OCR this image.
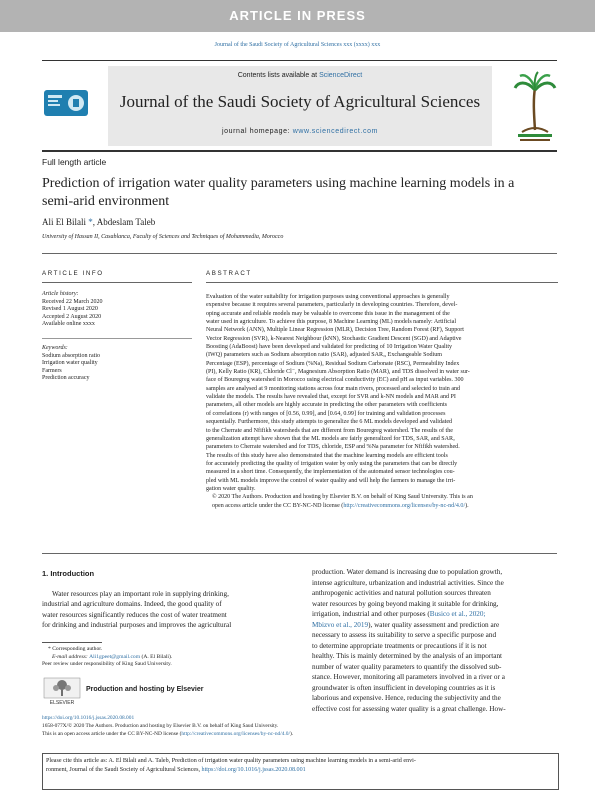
ARTICLE IN PRESS
Journal of the Saudi Society of Agricultural Sciences xxx (xxxx) xxx
Contents lists available at ScienceDirect
Journal of the Saudi Society of Agricultural Sciences
journal homepage: www.sciencedirect.com
Full length article
Prediction of irrigation water quality parameters using machine learning models in a semi-arid environment
Ali El Bilali *, Abdeslam Taleb
University of Hassan II, Casablanca, Faculty of Sciences and Techniques of Mohammedia, Morocco
ARTICLE INFO	ABSTRACT
Article history:
Received 22 March 2020
Revised 1 August 2020
Accepted 2 August 2020
Available online xxxx
Keywords:
Sodium absorption ratio
Irrigation water quality
Farmers
Prediction accuracy
Evaluation of the water suitability for irrigation purposes using conventional approaches is generally
expensive because it requires several parameters, particularly in developing countries. Therefore, devel-
oping accurate and reliable models may be valuable to overcome this issue in the management of the
water used in agriculture. To achieve this purpose, 8 Machine Learning (ML) models namely: Artificial
Neural Network (ANN), Multiple Linear Regression (MLR), Decision Tree, Random Forest (RF), Support
Vector Regression (SVR), k-Nearest Neighbour (kNN), Stochastic Gradient Descent (SGD) and Adaptive
Boosting (AdaBoost) have been developed and validated for predicting of 10 Irrigation Water Quality
(IWQ) parameters such as Sodium absorption ratio (SAR), adjusted SARₐ, Exchangeable Sodium
Percentage (ESP), percentage of Sodium (%Na), Residual Sodium Carbonate (RSC), Permeability Index
(PI), Kelly Ratio (KR), Chloride Cl⁻, Magnesium Absorption Ratio (MAR), and TDS dissolved in water sur-
face of Bouregreg watershed in Morocco using electrical conductivity (EC) and pH as input variables. 300
samples are analysed at 9 monitoring stations across four main rivers, processed and selected to train and
validate the models. The results have revealed that, except for SVR and k-NN models and MAR and PI
parameters, all other models are highly accurate in predicting the other parameters with coefficients
of correlations (r) with ranges of [0.56, 0.99], and [0.64, 0.99] for training and validation processes
sequentially. Furthermore, this study attempts to generalize the 6 ML models developed and validated
to the Cherrate and Nfifikh watersheds that are different from Bouregreg watershed. The results of the
generalization attempt have shown that the ML models are fairly generalized for TDS, SAR, and SARₐ
parameters to Cherrate watershed and for TDS, chloride, ESP and %Na parameter for Nfifikh watershed.
The results of this study have also demonstrated that the machine learning models are efficient tools
for accurately predicting the quality of irrigation water by only using the parameters that can be directly
measured in a short time. Consequently, the implementation of the automated sensor technologies cou-
pled with ML models improve the control of water quality and will help the farmers to manage the irri-
gation water quality.
© 2020 The Authors. Production and hosting by Elsevier B.V. on behalf of King Saud University. This is an
open access article under the CC BY-NC-ND license (http://creativecommons.org/licenses/by-nc-nd/4.0/).
1. Introduction
Water resources play an important role in supplying drinking,
industrial and agriculture domains. Indeed, the good quality of
water resources significantly reduces the cost of water treatment
for drinking and industrial purposes and improves the agricultural
production. Water demand is increasing due to population growth,
intense agriculture, urbanization and industrial activities. Since the
anthropogenic activities and natural pollution sources threaten
water resources by going beyond making it suitable for drinking,
irrigation, industrial and other purposes (Busico et al., 2020;
Mbizvo et al., 2019), water quality assessment and prediction are
necessary to assess its suitability to serve a specific purpose and
to determine appropriate treatments or precautions if it is not
healthy. This is mainly determined by the analysis of an important
number of water quality parameters to quantify the dissolved sub-
stance. However, monitoring all parameters involved in a river or a
groundwater is often insufficient in developing countries as it is
laborious and expensive. Hence, reducing the subjectivity and the
effective cost for assessing water quality is a great challenge. How-
* Corresponding author.
E-mail address: Ali1gpeet@gmail.com (A. El Bilali).
Peer review under responsibility of King Saud University.
ELSEVIER
Production and hosting by Elsevier
https://doi.org/10.1016/j.jssas.2020.08.001
1658-077X/© 2020 The Authors. Production and hosting by Elsevier B.V. on behalf of King Saud University.
This is an open access article under the CC BY-NC-ND license (http://creativecommons.org/licenses/by-nc-nd/4.0/).
Please cite this article as: A. El Bilali and A. Taleb, Prediction of irrigation water quality parameters using machine learning models in a semi-arid envi-
ronment, Journal of the Saudi Society of Agricultural Sciences, https://doi.org/10.1016/j.jssas.2020.08.001
